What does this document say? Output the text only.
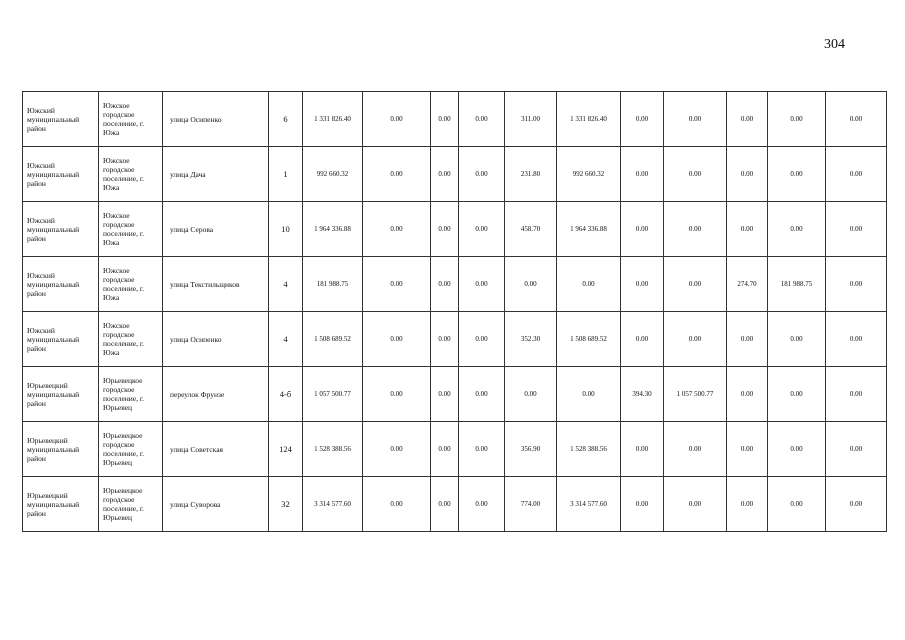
304
Южский муниципальный район	Южское городское поселение, г. Южа	улица Осипенко	6	1 331 826.40	0.00	0.00	0.00	311.00	1 331 826.40	0.00	0.00	0.00	0.00	0.00
Южский муниципальный район	Южское городское поселение, г. Южа	улица Дача	1	992 660.32	0.00	0.00	0.00	231.80	992 660.32	0.00	0.00	0.00	0.00	0.00
Южский муниципальный район	Южское городское поселение, г. Южа	улица Серова	10	1 964 336.88	0.00	0.00	0.00	458.70	1 964 336.88	0.00	0.00	0.00	0.00	0.00
Южский муниципальный район	Южское городское поселение, г. Южа	улица Текстильщиков	4	181 988.75	0.00	0.00	0.00	0.00	0.00	0.00	0.00	274.70	181 988.75	0.00
Южский муниципальный район	Южское городское поселение, г. Южа	улица Осипенко	4	1 508 689.52	0.00	0.00	0.00	352.30	1 508 689.52	0.00	0.00	0.00	0.00	0.00
Юрьевецкий муниципальный район	Юрьевецкое городское поселение, г. Юрьевец	переулок Фрунзе	4-б	1 057 500.77	0.00	0.00	0.00	0.00	0.00	394.30	1 057 500.77	0.00	0.00	0.00
Юрьевецкий муниципальный район	Юрьевецкое городское поселение, г. Юрьевец	улица Советская	124	1 528 388.56	0.00	0.00	0.00	356.90	1 528 388.56	0.00	0.00	0.00	0.00	0.00
Юрьевецкий муниципальный район	Юрьевецкое городское поселение, г. Юрьевец	улица Суворова	32	3 314 577.60	0.00	0.00	0.00	774.00	3 314 577.60	0.00	0.00	0.00	0.00	0.00
